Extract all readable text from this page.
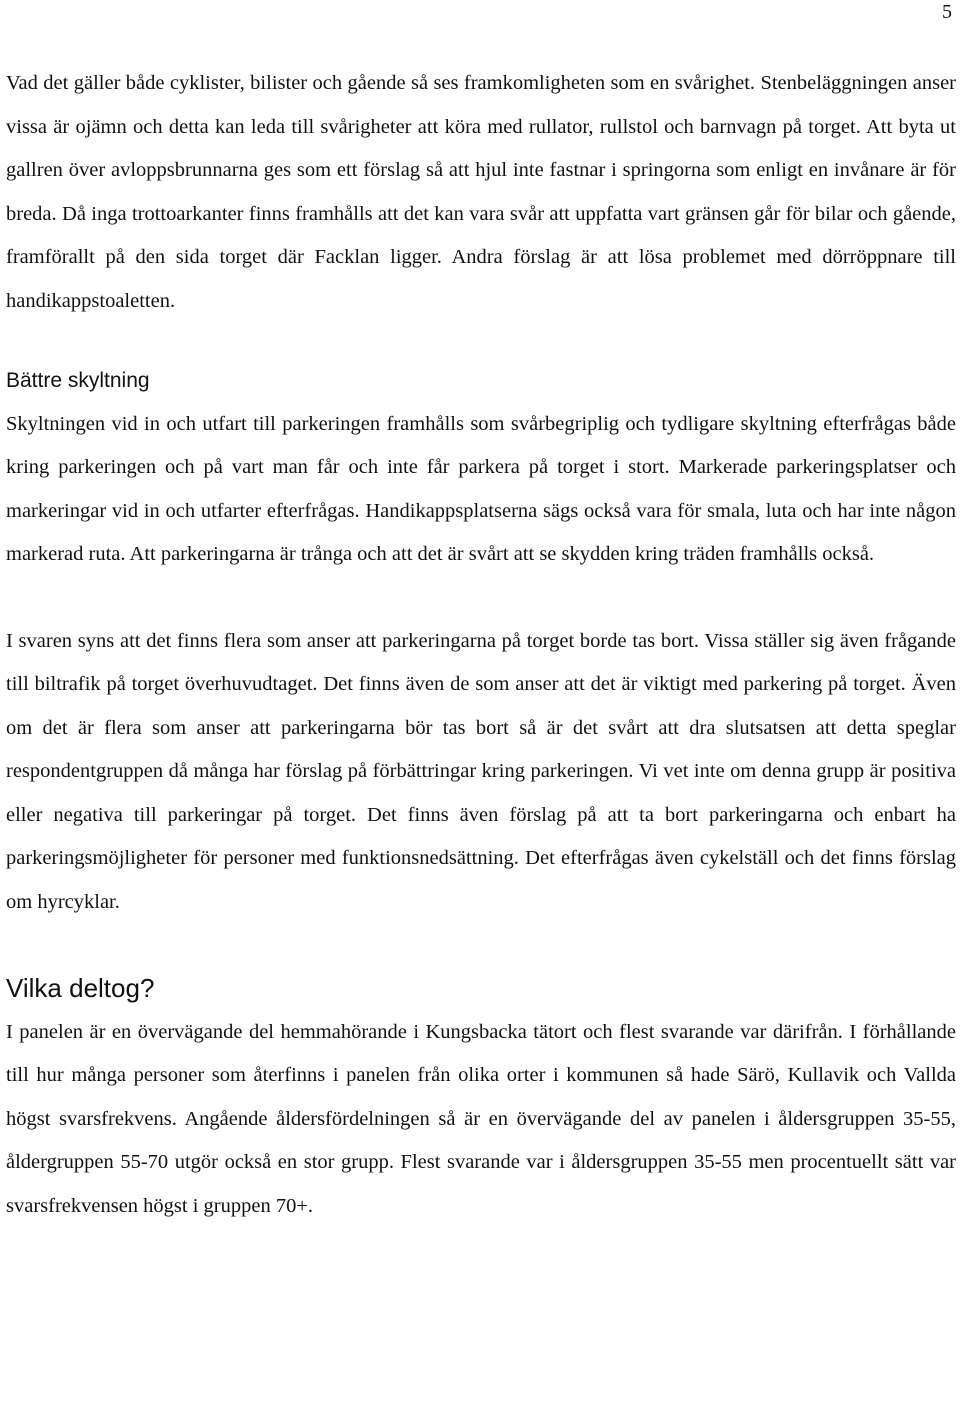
5

Vad det gäller både cyklister, bilister och gående så ses framkomligheten som en svårighet. Stenbeläggningen anser vissa är ojämn och detta kan leda till svårigheter att köra med rullator, rullstol och barnvagn på torget. Att byta ut gallren över avloppsbrunnarna ges som ett förslag så att hjul inte fastnar i springorna som enligt en invånare är för breda. Då inga trottoarkanter finns framhålls att det kan vara svår att uppfatta vart gränsen går för bilar och gående, framförallt på den sida torget där Facklan ligger. Andra förslag är att lösa problemet med dörröppnare till handikappstoaletten.

Bättre skyltning

Skyltningen vid in och utfart till parkeringen framhålls som svårbegriplig och tydligare skyltning efterfrågas både kring parkeringen och på vart man får och inte får parkera på torget i stort. Markerade parkeringsplatser och markeringar vid in och utfarter efterfrågas. Handikappsplatserna sägs också vara för smala, luta och har inte någon markerad ruta. Att parkeringarna är trånga och att det är svårt att se skydden kring träden framhålls också.

I svaren syns att det finns flera som anser att parkeringarna på torget borde tas bort. Vissa ställer sig även frågande till biltrafik på torget överhuvudtaget. Det finns även de som anser att det är viktigt med parkering på torget. Även om det är flera som anser att parkeringarna bör tas bort så är det svårt att dra slutsatsen att detta speglar respondentgruppen då många har förslag på förbättringar kring parkeringen. Vi vet inte om denna grupp är positiva eller negativa till parkeringar på torget. Det finns även förslag på att ta bort parkeringarna och enbart ha parkeringsmöjligheter för personer med funktionsnedsättning. Det efterfrågas även cykelställ och det finns förslag om hyrcyklar.

Vilka deltog?

I panelen är en övervägande del hemmahörande i Kungsbacka tätort och flest svarande var därifrån. I förhållande till hur många personer som återfinns i panelen från olika orter i kommunen så hade Särö, Kullavik och Vallda högst svarsfrekvens. Angående åldersfördelningen så är en övervägande del av panelen i åldersgruppen 35-55, åldergruppen 55-70 utgör också en stor grupp. Flest svarande var i åldersgruppen 35-55 men procentuellt sätt var svarsfrekvensen högst i gruppen 70+.
